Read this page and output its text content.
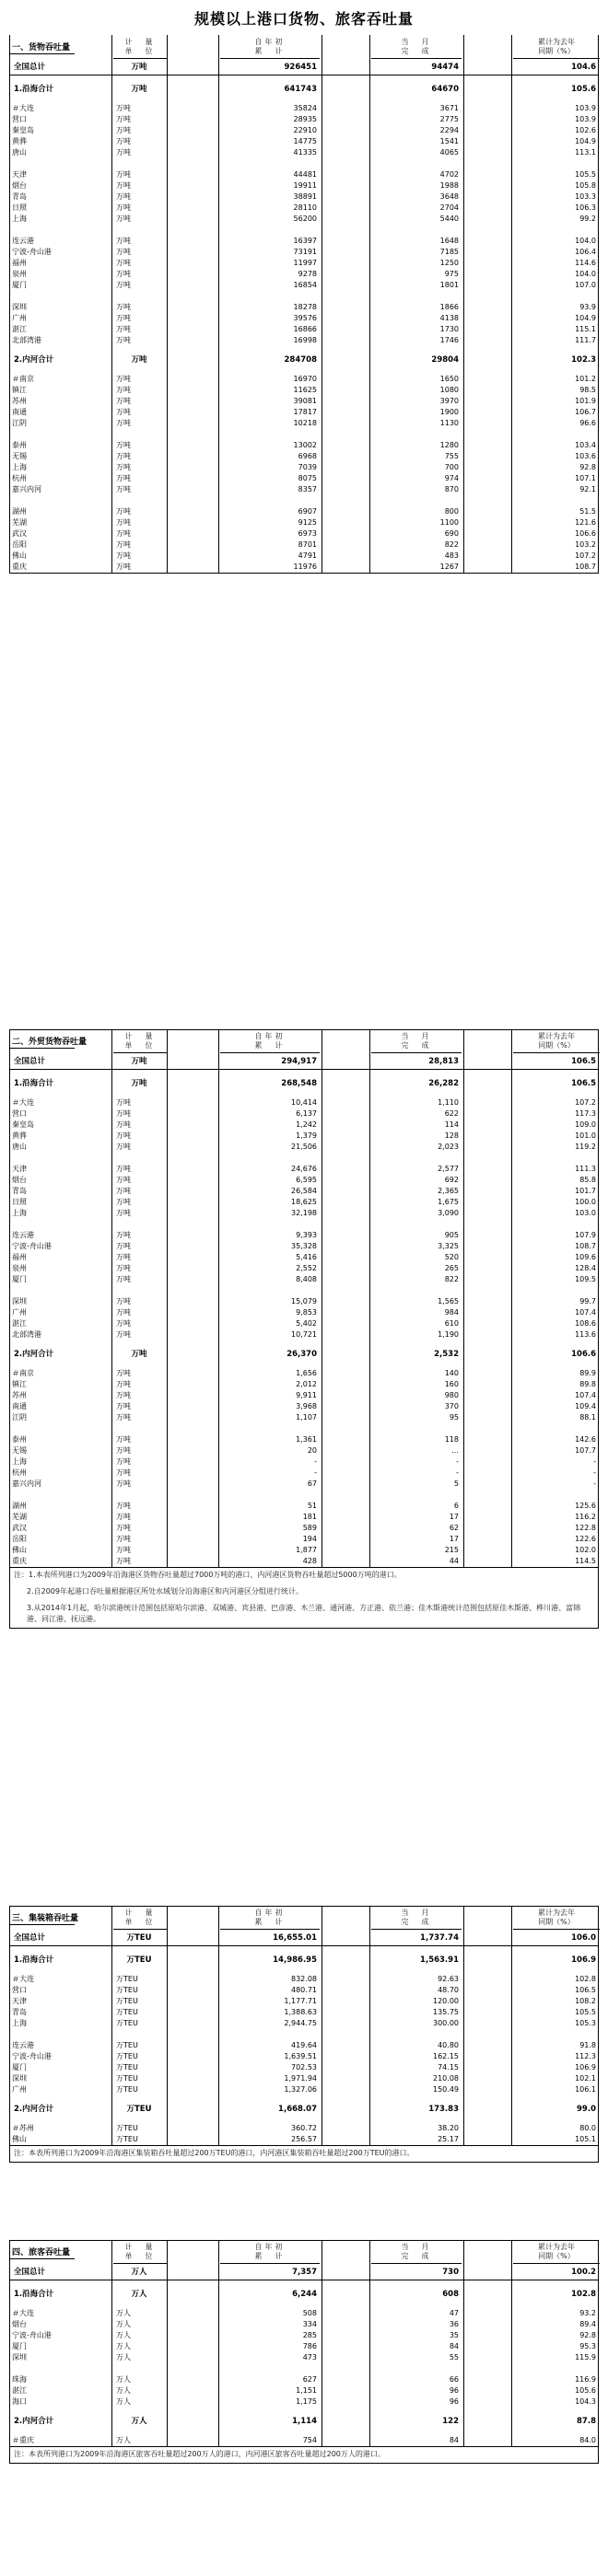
规模以上港口货物、旅客吞吐量
一、货物吞吐量
计　量
单　位
自年初
累　计
当　月
完　成
累计为去年
同期（%）
全国总计	万吨	926451	94474	104.6
1.沿海合计	万吨	641743	64670	105.6
＃大连	万吨	35824	3671	103.9
营口	万吨	28935	2775	103.9
秦皇岛	万吨	22910	2294	102.6
黄骅	万吨	14775	1541	104.9
唐山	万吨	41335	4065	113.1
天津	万吨	44481	4702	105.5
烟台	万吨	19911	1988	105.8
青岛	万吨	38891	3648	103.3
日照	万吨	28110	2704	106.3
上海	万吨	56200	5440	99.2
连云港	万吨	16397	1648	104.0
宁波-舟山港	万吨	73191	7185	106.4
福州	万吨	11997	1250	114.6
泉州	万吨	9278	975	104.0
厦门	万吨	16854	1801	107.0
深圳	万吨	18278	1866	93.9
广州	万吨	39576	4138	104.9
湛江	万吨	16866	1730	115.1
北部湾港	万吨	16998	1746	111.7
2.内河合计	万吨	284708	29804	102.3
＃南京	万吨	16970	1650	101.2
镇江	万吨	11625	1080	98.5
苏州	万吨	39081	3970	101.9
南通	万吨	17817	1900	106.7
江阴	万吨	10218	1130	96.6
泰州	万吨	13002	1280	103.4
无锡	万吨	6968	755	103.6
上海	万吨	7039	700	92.8
杭州	万吨	8075	974	107.1
嘉兴内河	万吨	8357	870	92.1
湖州	万吨	6907	800	51.5
芜湖	万吨	9125	1100	121.6
武汉	万吨	6973	690	106.6
岳阳	万吨	8701	822	103.2
佛山	万吨	4791	483	107.2
重庆	万吨	11976	1267	108.7
二、外贸货物吞吐量
计　量
单　位
自年初
累　计
当　月
完　成
累计为去年
同期（%）
全国总计	万吨	294,917	28,813	106.5
1.沿海合计	万吨	268,548	26,282	106.5
＃大连	万吨	10,414	1,110	107.2
营口	万吨	6,137	622	117.3
秦皇岛	万吨	1,242	114	109.0
黄骅	万吨	1,379	128	101.0
唐山	万吨	21,506	2,023	119.2
天津	万吨	24,676	2,577	111.3
烟台	万吨	6,595	692	85.8
青岛	万吨	26,584	2,365	101.7
日照	万吨	18,625	1,675	100.0
上海	万吨	32,198	3,090	103.0
连云港	万吨	9,393	905	107.9
宁波-舟山港	万吨	35,328	3,325	108.7
福州	万吨	5,416	520	109.6
泉州	万吨	2,552	265	128.4
厦门	万吨	8,408	822	109.5
深圳	万吨	15,079	1,565	99.7
广州	万吨	9,853	984	107.4
湛江	万吨	5,402	610	108.6
北部湾港	万吨	10,721	1,190	113.6
2.内河合计	万吨	26,370	2,532	106.6
＃南京	万吨	1,656	140	89.9
镇江	万吨	2,012	160	89.8
苏州	万吨	9,911	980	107.4
南通	万吨	3,968	370	109.4
江阴	万吨	1,107	95	88.1
泰州	万吨	1,361	118	142.6
无锡	万吨	20	…	107.7
上海	万吨	-	-	-
杭州	万吨	-	-	-
嘉兴内河	万吨	67	5	-
湖州	万吨	51	6	125.6
芜湖	万吨	181	17	116.2
武汉	万吨	589	62	122.8
岳阳	万吨	194	17	122.6
佛山	万吨	1,877	215	102.0
重庆	万吨	428	44	114.5

注：1.本表所列港口为2009年沿海港区货物吞吐量超过7000万吨的港口、内河港区货物吞吐量超过5000万吨的港口。

2.自2009年起港口吞吐量根据港区所处水域划分沿海港区和内河港区分组进行统计。

3.从2014年1月起，哈尔滨港统计范围包括原哈尔滨港、双城港、宾县港、巴彦港、木兰港、通河港、方正港、依兰港；佳木斯港统计范围包括原佳木斯港、桦川港、富锦港、同江港、抚远港。

三、集装箱吞吐量
计　量
单　位
自年初
累　计
当　月
完　成
累计为去年
同期（%）
全国总计	万TEU	16,655.01	1,737.74	106.0
1.沿海合计	万TEU	14,986.95	1,563.91	106.9
＃大连	万TEU	832.08	92.63	102.8
营口	万TEU	480.71	48.70	106.5
天津	万TEU	1,177.71	120.00	108.2
青岛	万TEU	1,388.63	135.75	105.5
上海	万TEU	2,944.75	300.00	105.3
连云港	万TEU	419.64	40.80	91.8
宁波-舟山港	万TEU	1,639.51	162.15	112.3
厦门	万TEU	702.53	74.15	106.9
深圳	万TEU	1,971.94	210.08	102.1
广州	万TEU	1,327.06	150.49	106.1
2.内河合计	万TEU	1,668.07	173.83	99.0
＃苏州	万TEU	360.72	38.20	80.0
佛山	万TEU	256.57	25.17	105.1

注：本表所列港口为2009年沿海港区集装箱吞吐量超过200万TEU的港口，内河港区集装箱吞吐量超过200万TEU的港口。

四、旅客吞吐量
计　量
单　位
自年初
累　计
当　月
完　成
累计为去年
同期（%）
全国总计	万人	7,357	730	100.2
1.沿海合计	万人	6,244	608	102.8
＃大连	万人	508	47	93.2
烟台	万人	334	36	89.4
宁波-舟山港	万人	285	35	92.8
厦门	万人	786	84	95.3
深圳	万人	473	55	115.9
珠海	万人	627	66	116.9
湛江	万人	1,151	96	105.6
海口	万人	1,175	96	104.3
2.内河合计	万人	1,114	122	87.8
＃重庆	万人	754	84	84.0

注：本表所列港口为2009年沿海港区旅客吞吐量超过200万人的港口，内河港区旅客吞吐量超过200万人的港口。
